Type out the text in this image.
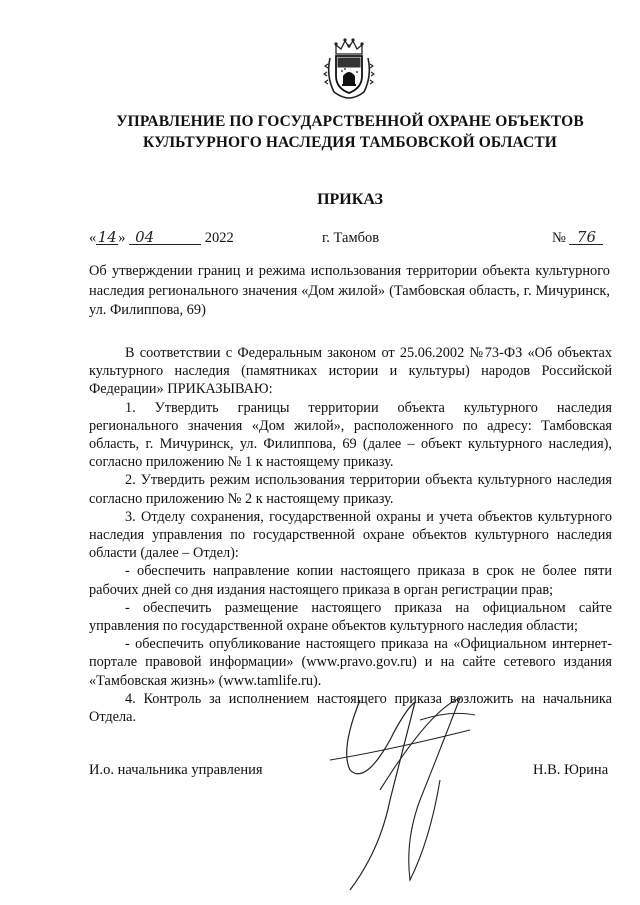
УПРАВЛЕНИЕ ПО ГОСУДАРСТВЕННОЙ ОХРАНЕ ОБЪЕКТОВ
КУЛЬТУРНОГО НАСЛЕДИЯ ТАМБОВСКОЙ ОБЛАСТИ
ПРИКАЗ
«14» 04	2022	г. Тамбов	№ 76
Об утверждении границ и режима использования территории объекта культурного наследия регионального значения «Дом жилой» (Тамбовская область, г. Мичуринск, ул. Филиппова, 69)

В соответствии с Федеральным законом от 25.06.2002 №73-ФЗ «Об объектах культурного наследия (памятниках истории и культуры) народов Российской Федерации» ПРИКАЗЫВАЮ:

1. Утвердить границы территории объекта культурного наследия регионального значения «Дом жилой», расположенного по адресу: Тамбовская область, г. Мичуринск, ул. Филиппова, 69 (далее – объект культурного наследия), согласно приложению № 1 к настоящему приказу.

2. Утвердить режим использования территории объекта культурного наследия согласно приложению № 2 к настоящему приказу.

3. Отделу сохранения, государственной охраны и учета объектов культурного наследия управления по государственной охране объектов культурного наследия области (далее – Отдел):

- обеспечить направление копии настоящего приказа в срок не более пяти рабочих дней со дня издания настоящего приказа в орган регистрации прав;

- обеспечить размещение настоящего приказа на официальном сайте управления по государственной охране объектов культурного наследия области;

- обеспечить опубликование настоящего приказа на «Официальном интернет-портале правовой информации» (www.pravo.gov.ru) и на сайте сетевого издания «Тамбовская жизнь» (www.tamlife.ru).

4. Контроль за исполнением настоящего приказа возложить на начальника Отдела.

И.о. начальника управления	Н.В. Юрина
